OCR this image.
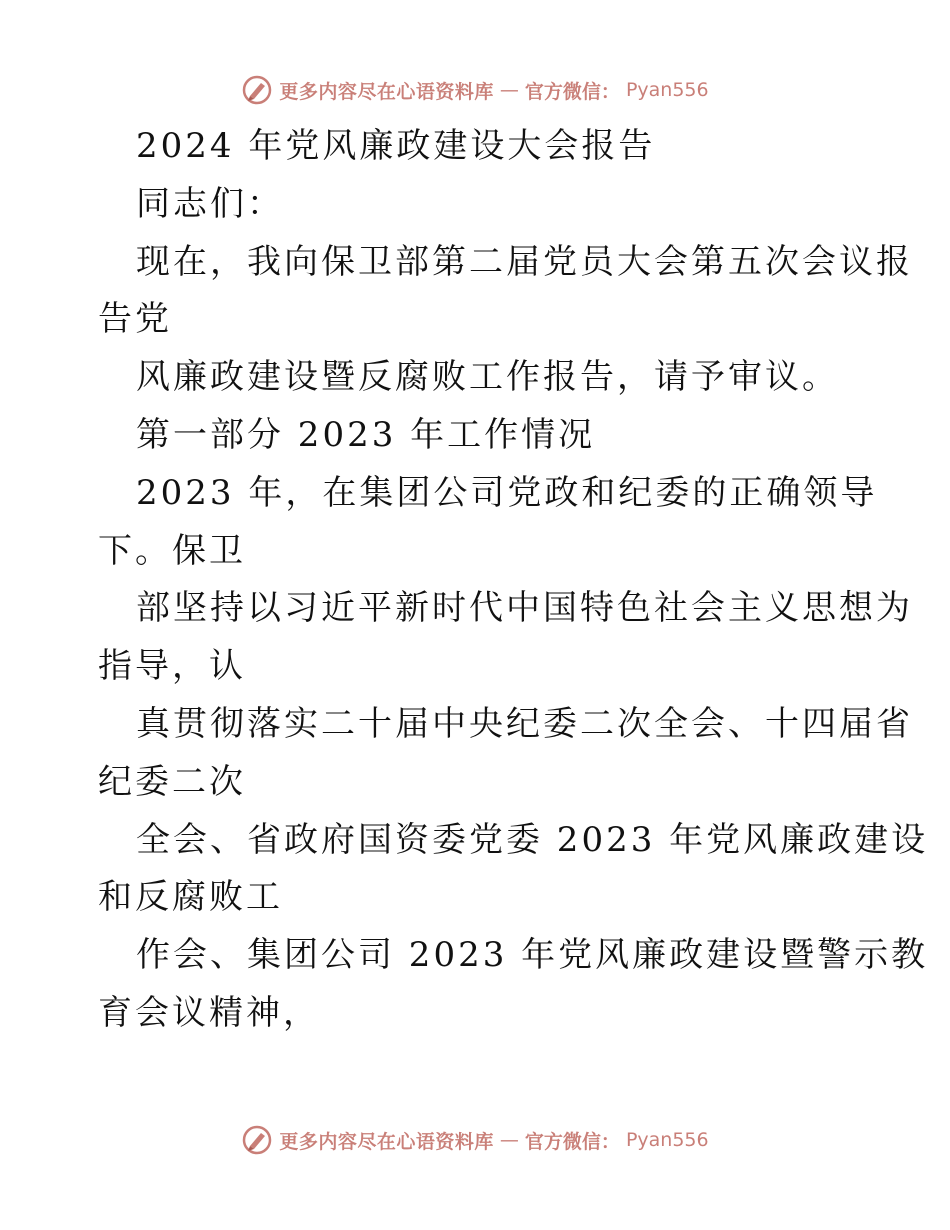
更多内容尽在心语资料库 — 官方微信： Pyan556
2024 年党风廉政建设大会报告
同志们：
现在，我向保卫部第二届党员大会第五次会议报
告党
风廉政建设暨反腐败工作报告，请予审议。
第一部分 2023 年工作情况
2023 年，在集团公司党政和纪委的正确领导
下。保卫
部坚持以习近平新时代中国特色社会主义思想为
指导，认
真贯彻落实二十届中央纪委二次全会、十四届省
纪委二次
全会、省政府国资委党委 2023 年党风廉政建设
和反腐败工
作会、集团公司 2023 年党风廉政建设暨警示教
育会议精神，
更多内容尽在心语资料库 — 官方微信： Pyan556
